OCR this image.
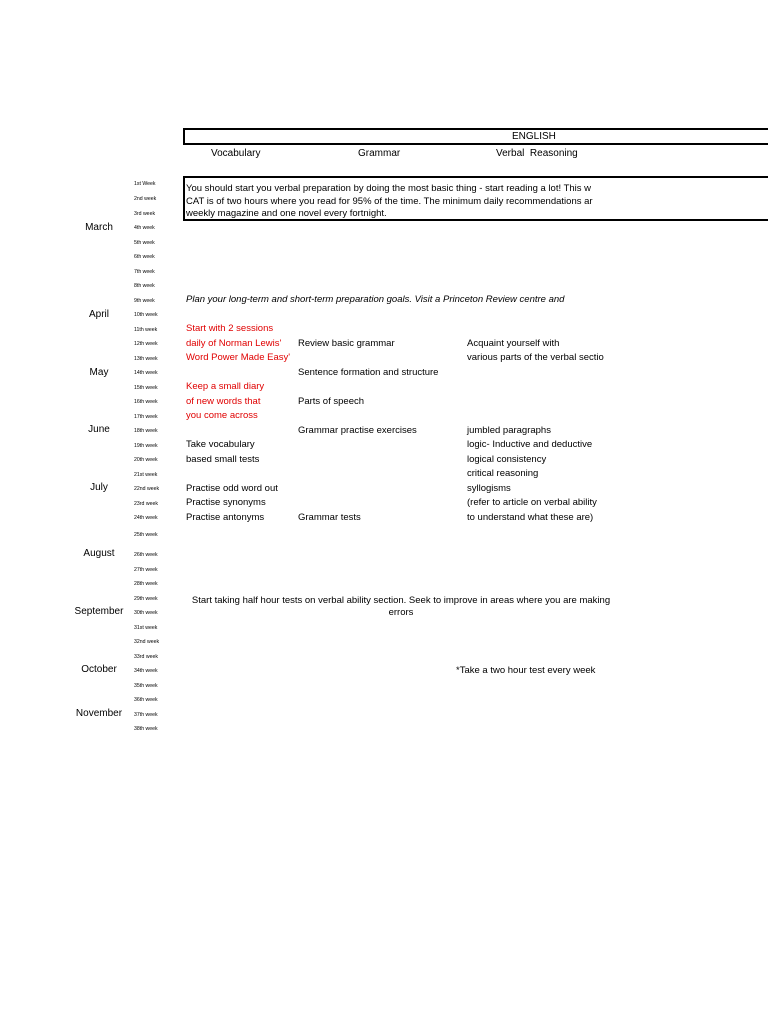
ENGLISH
Vocabulary	Grammar	Verbal  Reasoning
You should start you verbal preparation by doing the most basic thing - start reading a lot! This w
CAT is of two hours where you read for 95% of the time. The minimum daily recommendations ar
weekly magazine and one novel every fortnight.
March
April
May
June
July
August
September
October
November
1st Week
2nd week
3rd week
4th week
5th week
6th week
7th week
8th week
9th week
10th week
11th week
12th week
13th week
14th week
15th week
16th week
17th week
18th week
19th week
20th week
21st week
22nd week
23rd week
24th week
25th week
26th week
27th week
28th week
29th week
30th week
31st week
32nd week
33rd week
34th week
35th week
36th week
37th week
38th week
Plan your long-term and short-term preparation goals. Visit a Princeton Review centre and
Start with 2 sessions
daily of Norman Lewis'
Word Power Made Easy'
Keep a small diary
of new words that
you come across
Take vocabulary
based small tests
Practise odd word out
Practise synonyms
Practise antonyms
Review basic grammar
Sentence formation and structure
Parts of speech
Grammar practise exercises
Grammar tests
Acquaint yourself with
various parts of the verbal sectio
jumbled paragraphs
logic- Inductive and deductive
logical consistency
critical reasoning
syllogisms
(refer to article on verbal ability
to understand what these are)
Start taking half hour tests on verbal ability section. Seek to improve in areas where you are making errors
*Take a two hour test every week
